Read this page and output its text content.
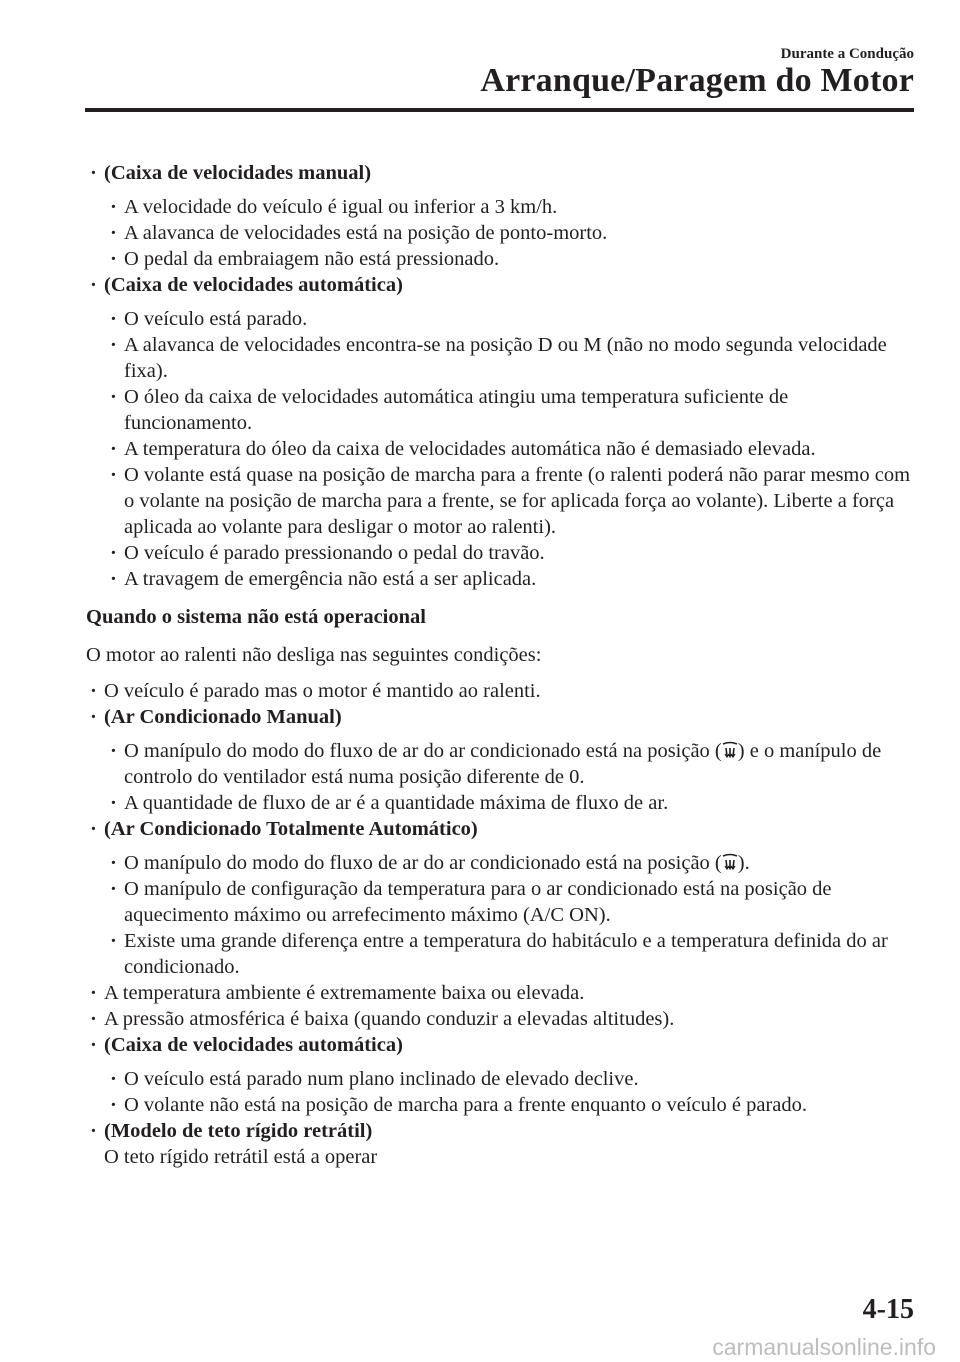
Durante a Condução
Arranque/Paragem do Motor
· (Caixa de velocidades manual)
· A velocidade do veículo é igual ou inferior a 3 km/h.
· A alavanca de velocidades está na posição de ponto-morto.
· O pedal da embraiagem não está pressionado.
· (Caixa de velocidades automática)
· O veículo está parado.
· A alavanca de velocidades encontra-se na posição D ou M (não no modo segunda velocidade fixa).
· O óleo da caixa de velocidades automática atingiu uma temperatura suficiente de funcionamento.
· A temperatura do óleo da caixa de velocidades automática não é demasiado elevada.
· O volante está quase na posição de marcha para a frente (o ralenti poderá não parar mesmo com o volante na posição de marcha para a frente, se for aplicada força ao volante). Liberte a força aplicada ao volante para desligar o motor ao ralenti).
· O veículo é parado pressionando o pedal do travão.
· A travagem de emergência não está a ser aplicada.
Quando o sistema não está operacional
O motor ao ralenti não desliga nas seguintes condições:
· O veículo é parado mas o motor é mantido ao ralenti.
· (Ar Condicionado Manual)
· O manípulo do modo do fluxo de ar do ar condicionado está na posição ( ) e o manípulo de controlo do ventilador está numa posição diferente de 0.
· A quantidade de fluxo de ar é a quantidade máxima de fluxo de ar.
· (Ar Condicionado Totalmente Automático)
· O manípulo do modo do fluxo de ar do ar condicionado está na posição ( ).
· O manípulo de configuração da temperatura para o ar condicionado está na posição de aquecimento máximo ou arrefecimento máximo (A/C ON).
· Existe uma grande diferença entre a temperatura do habitáculo e a temperatura definida do ar condicionado.
· A temperatura ambiente é extremamente baixa ou elevada.
· A pressão atmosférica é baixa (quando conduzir a elevadas altitudes).
· (Caixa de velocidades automática)
· O veículo está parado num plano inclinado de elevado declive.
· O volante não está na posição de marcha para a frente enquanto o veículo é parado.
· (Modelo de teto rígido retrátil)
O teto rígido retrátil está a operar
4-15
carmanualsonline.info
